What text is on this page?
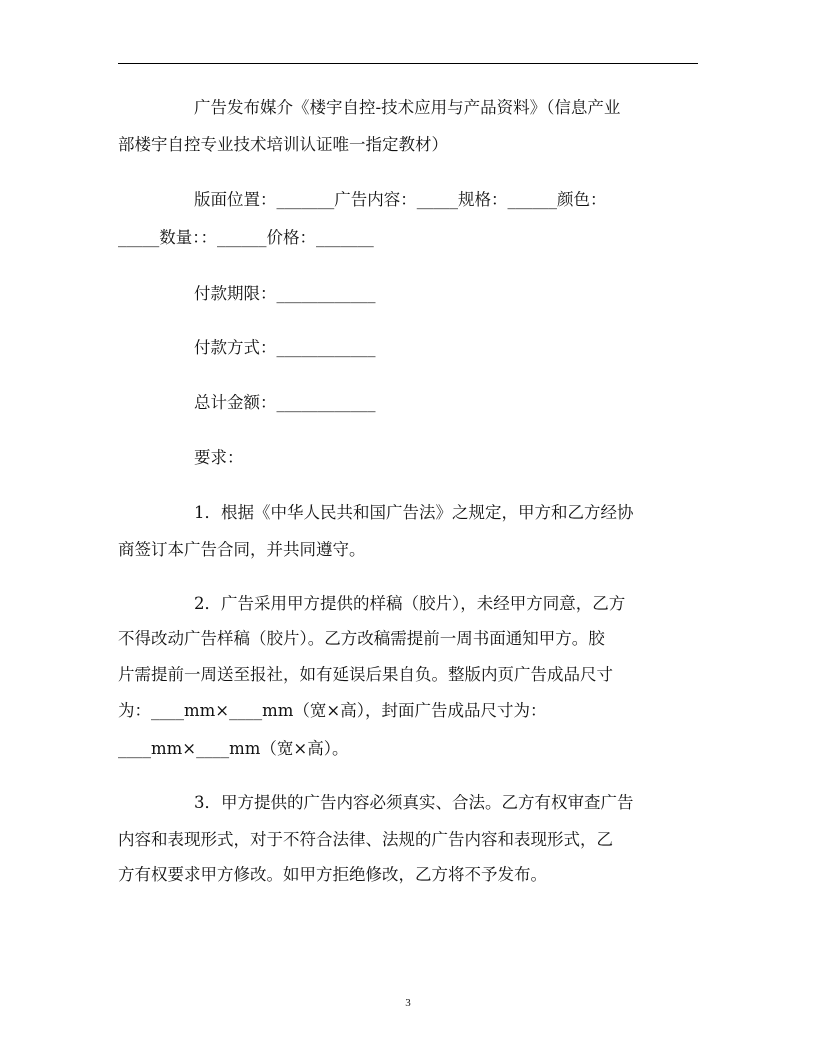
广告发布媒介《楼宇自控-技术应用与产品资料》（信息产业
部楼宇自控专业技术培训认证唯一指定教材）
版面位置：_______广告内容：_____规格：______颜色：
_____数量：：______价格：_______
付款期限：____________
付款方式：____________
总计金额：____________
要求：
1．根据《中华人民共和国广告法》之规定，甲方和乙方经协
商签订本广告合同，并共同遵守。
2．广告采用甲方提供的样稿（胶片），未经甲方同意，乙方
不得改动广告样稿（胶片）。乙方改稿需提前一周书面通知甲方。胶
片需提前一周送至报社，如有延误后果自负。整版内页广告成品尺寸
为：____mm×____mm（宽×高），封面广告成品尺寸为：
____mm×____mm（宽×高）。
3．甲方提供的广告内容必须真实、合法。乙方有权审查广告
内容和表现形式，对于不符合法律、法规的广告内容和表现形式，乙
方有权要求甲方修改。如甲方拒绝修改，乙方将不予发布。
3
